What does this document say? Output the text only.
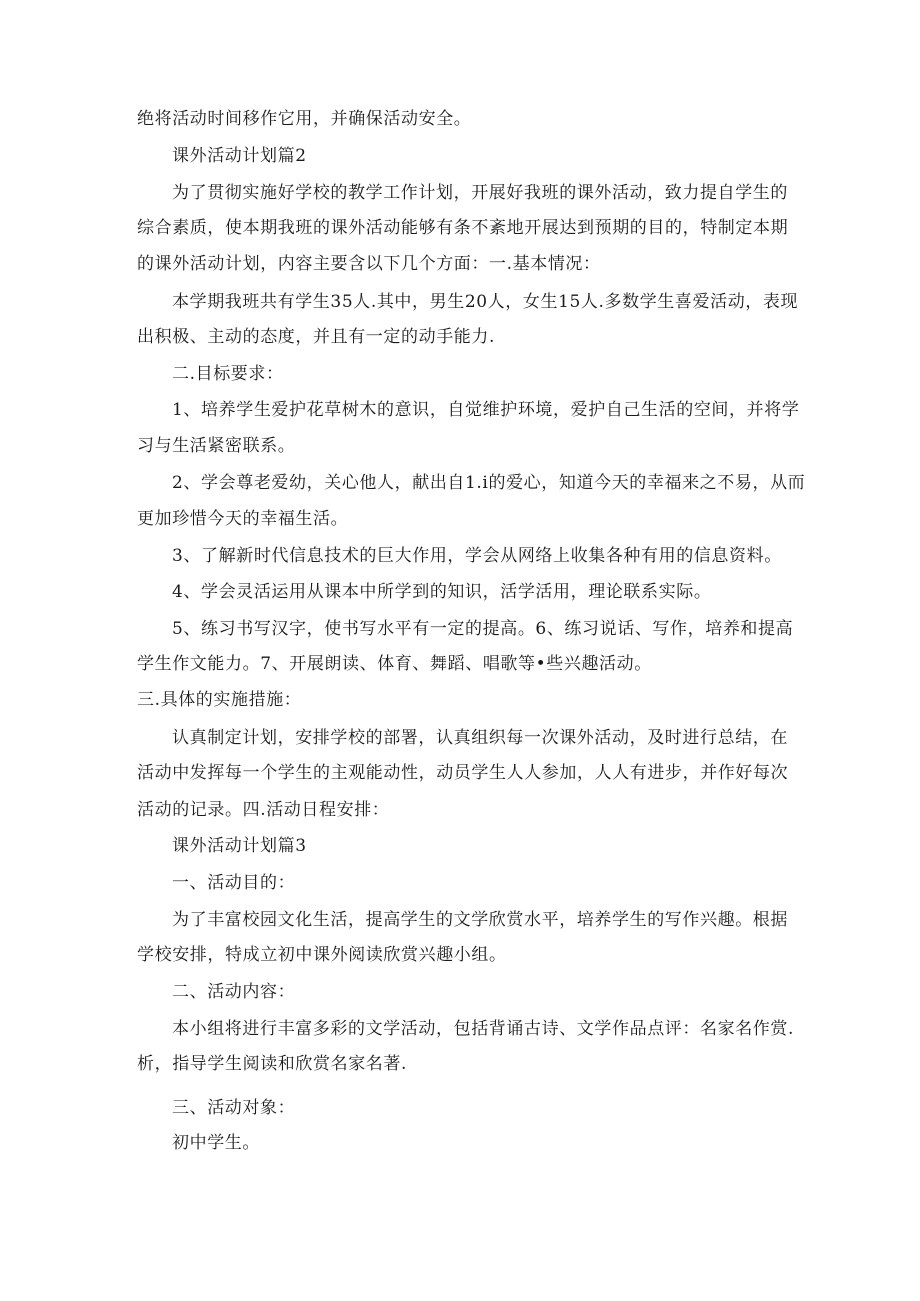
绝将活动时间移作它用，并确保活动安全。
课外活动计划篇2
为了贯彻实施好学校的教学工作计划，开展好我班的课外活动，致力提自学生的
综合素质，使本期我班的课外活动能够有条不紊地开展达到预期的目的，特制定本期
的课外活动计划，内容主要含以下几个方面：一.基本情况：
本学期我班共有学生35人.其中，男生20人，女生15人.多数学生喜爱活动，表现
出积极、主动的态度，并且有一定的动手能力.
二.目标要求：
1、培养学生爱护花草树木的意识，自觉维护环境，爱护自己生活的空间，并将学
习与生活紧密联系。
2、学会尊老爱幼，关心他人，献出自1.i的爱心，知道今天的幸福来之不易，从而
更加珍惜今天的幸福生活。
3、了解新时代信息技术的巨大作用，学会从网络上收集各种有用的信息资料。
4、学会灵活运用从课本中所学到的知识，活学活用，理论联系实际。
5、练习书写汉字，使书写水平有一定的提高。6、练习说话、写作，培养和提高
学生作文能力。7、开展朗读、体育、舞蹈、唱歌等•些兴趣活动。
三.具体的实施措施：
认真制定计划，安排学校的部署，认真组织每一次课外活动，及时进行总结，在
活动中发挥每一个学生的主观能动性，动员学生人人参加，人人有进步，并作好每次
活动的记录。四.活动日程安排：
课外活动计划篇3
一、活动目的：
为了丰富校园文化生活，提高学生的文学欣赏水平，培养学生的写作兴趣。根据
学校安排，特成立初中课外阅读欣赏兴趣小组。
二、活动内容：
本小组将进行丰富多彩的文学活动，包括背诵古诗、文学作品点评：名家名作赏.
析，指导学生阅读和欣赏名家名著.
三、活动对象：
初中学生。
